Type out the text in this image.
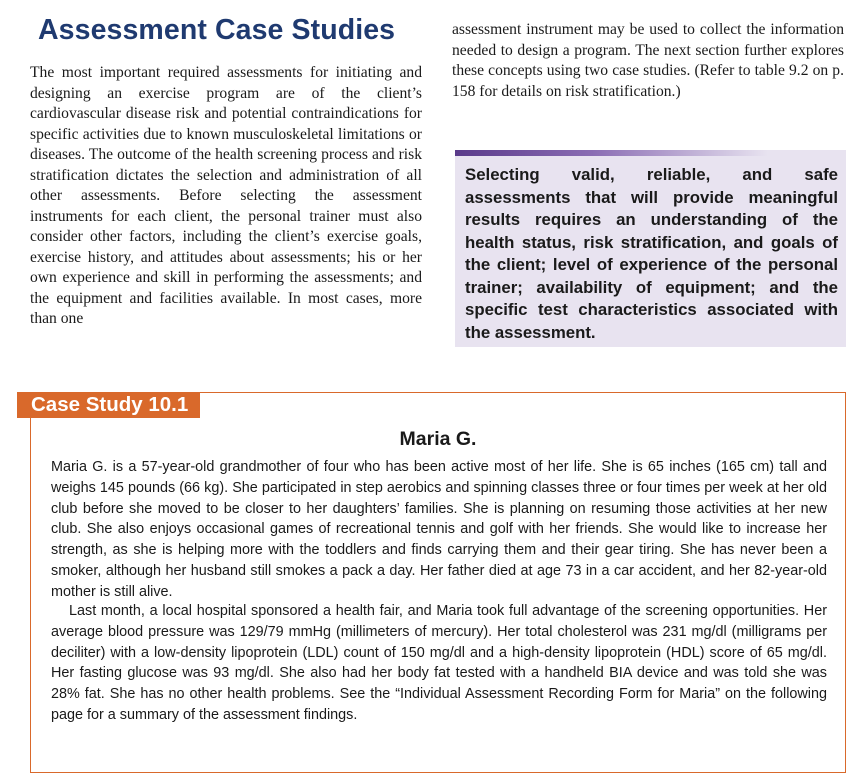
Assessment Case Studies

The most important required assessments for initiating and designing an exercise program are of the client’s cardiovascular disease risk and potential contraindications for specific activities due to known musculoskeletal limitations or diseases. The outcome of the health screening process and risk stratification dictates the selection and administration of all other assessments. Before selecting the assessment instruments for each client, the personal trainer must also consider other factors, including the client’s exercise goals, exercise history, and attitudes about assessments; his or her own experience and skill in performing the assessments; and the equipment and facilities available. In most cases, more than one

assessment instrument may be used to collect the information needed to design a program. The next section further explores these concepts using two case studies. (Refer to table 9.2 on p. 158 for details on risk stratification.)

Selecting valid, reliable, and safe assessments that will provide meaningful results requires an understanding of the health status, risk stratification, and goals of the client; level of experience of the personal trainer; availability of equipment; and the specific test characteristics associated with the assessment.

Case Study 10.1
Maria G.

Maria G. is a 57-year-old grandmother of four who has been active most of her life. She is 65 inches (165 cm) tall and weighs 145 pounds (66 kg). She participated in step aerobics and spinning classes three or four times per week at her old club before she moved to be closer to her daughters’ families. She is planning on resuming those activities at her new club. She also enjoys occasional games of recreational tennis and golf with her friends. She would like to increase her strength, as she is helping more with the toddlers and finds carrying them and their gear tiring. She has never been a smoker, although her husband still smokes a pack a day. Her father died at age 73 in a car accident, and her 82-year-old mother is still alive.

Last month, a local hospital sponsored a health fair, and Maria took full advantage of the screening opportunities. Her average blood pressure was 129/79 mmHg (millimeters of mercury). Her total cholesterol was 231 mg/dl (milligrams per deciliter) with a low-density lipoprotein (LDL) count of 150 mg/dl and a high-density lipoprotein (HDL) score of 65 mg/dl. Her fasting glucose was 93 mg/dl. She also had her body fat tested with a handheld BIA device and was told she was 28% fat. She has no other health problems. See the “Individual Assessment Recording Form for Maria” on the following page for a summary of the assessment findings.
